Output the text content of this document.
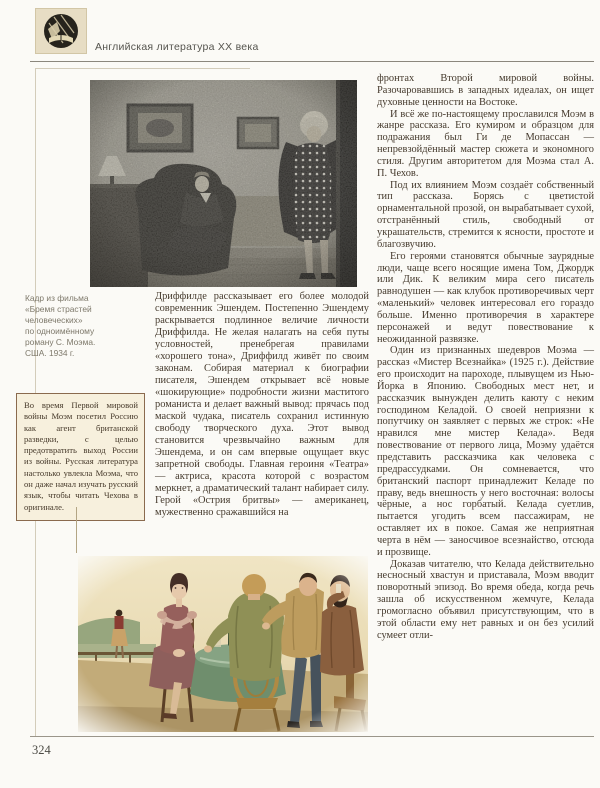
Английская литература XX века
Кадр из фильма
«Бремя страстей
человеческих»
по одноимённому
роману С. Моэма.
США. 1934 г.
Во время Первой мировой войны Моэм посетил Россию как агент британской разведки, с целью предотвратить выход России из войны. Русская литература настолько увлекла Моэма, что он даже начал изучать русский язык, чтобы читать Чехова в оригинале.

Дриффилде рассказывает его более молодой современник Эшендем. Постепенно Эшендему раскрывается подлинное величие личности Дриффилда. Не желая налагать на себя путы условностей, пренебрегая правилами «хорошего тона», Дриффилд живёт по своим законам. Собирая материал к биографии писателя, Эшендем открывает всё новые «шокирующие» подробности жизни маститого романиста и делает важный вывод: прячась под маской чудака, писатель сохранил истинную свободу творческого духа. Этот вывод становится чрезвычайно важным для Эшендема, и он сам впервые ощущает вкус запретной свободы. Главная героиня «Театра» — актриса, красота которой с возрастом меркнет, а драматический талант набирает силу. Герой «Острия бритвы» — американец, мужественно сражавшийся на

фронтах Второй мировой войны. Разочаровавшись в западных идеалах, он ищет духовные ценности на Востоке.

И всё же по-настоящему прославился Моэм в жанре рассказа. Его кумиром и образцом для подражания был Ги де Мопассан — непревзойдённый мастер сюжета и экономного стиля. Другим авторитетом для Моэма стал А. П. Чехов.

Под их влиянием Моэм создаёт собственный тип рассказа. Борясь с цветистой орнаментальной прозой, он вырабатывает сухой, отстранённый стиль, свободный от украшательств, стремится к ясности, простоте и благозвучию.

Его героями становятся обычные заурядные люди, чаще всего носящие имена Том, Джордж или Дик. К великим мира сего писатель равнодушен — как клубок противоречивых черт «маленький» человек интересовал его гораздо больше. Именно противоречия в характере персонажей и ведут повествование к неожиданной развязке.

Один из признанных шедевров Моэма — рассказ «Мистер Всезнайка» (1925 г.). Действие его происходит на пароходе, плывущем из Нью-Йорка в Японию. Свободных мест нет, и рассказчик вынужден делить каюту с неким господином Келадой. О своей неприязни к попутчику он заявляет с первых же строк: «Не нравился мне мистер Келада». Ведя повествование от первого лица, Моэму удаётся представить рассказчика как человека с предрассудками. Он сомневается, что британский паспорт принадлежит Келаде по праву, ведь внешность у него восточная: волосы чёрные, а нос горбатый. Келада суетлив, пытается угодить всем пассажирам, не оставляет их в покое. Самая же неприятная черта в нём — заносчивое всезнайство, отсюда и прозвище.

Доказав читателю, что Келада действительно несносный хвастун и приставала, Моэм вводит поворотный эпизод. Во время обеда, когда речь зашла об искусственном жемчуге, Келада громогласно объявил присутствующим, что в этой области ему нет равных и он без усилий сумеет отли-

324
